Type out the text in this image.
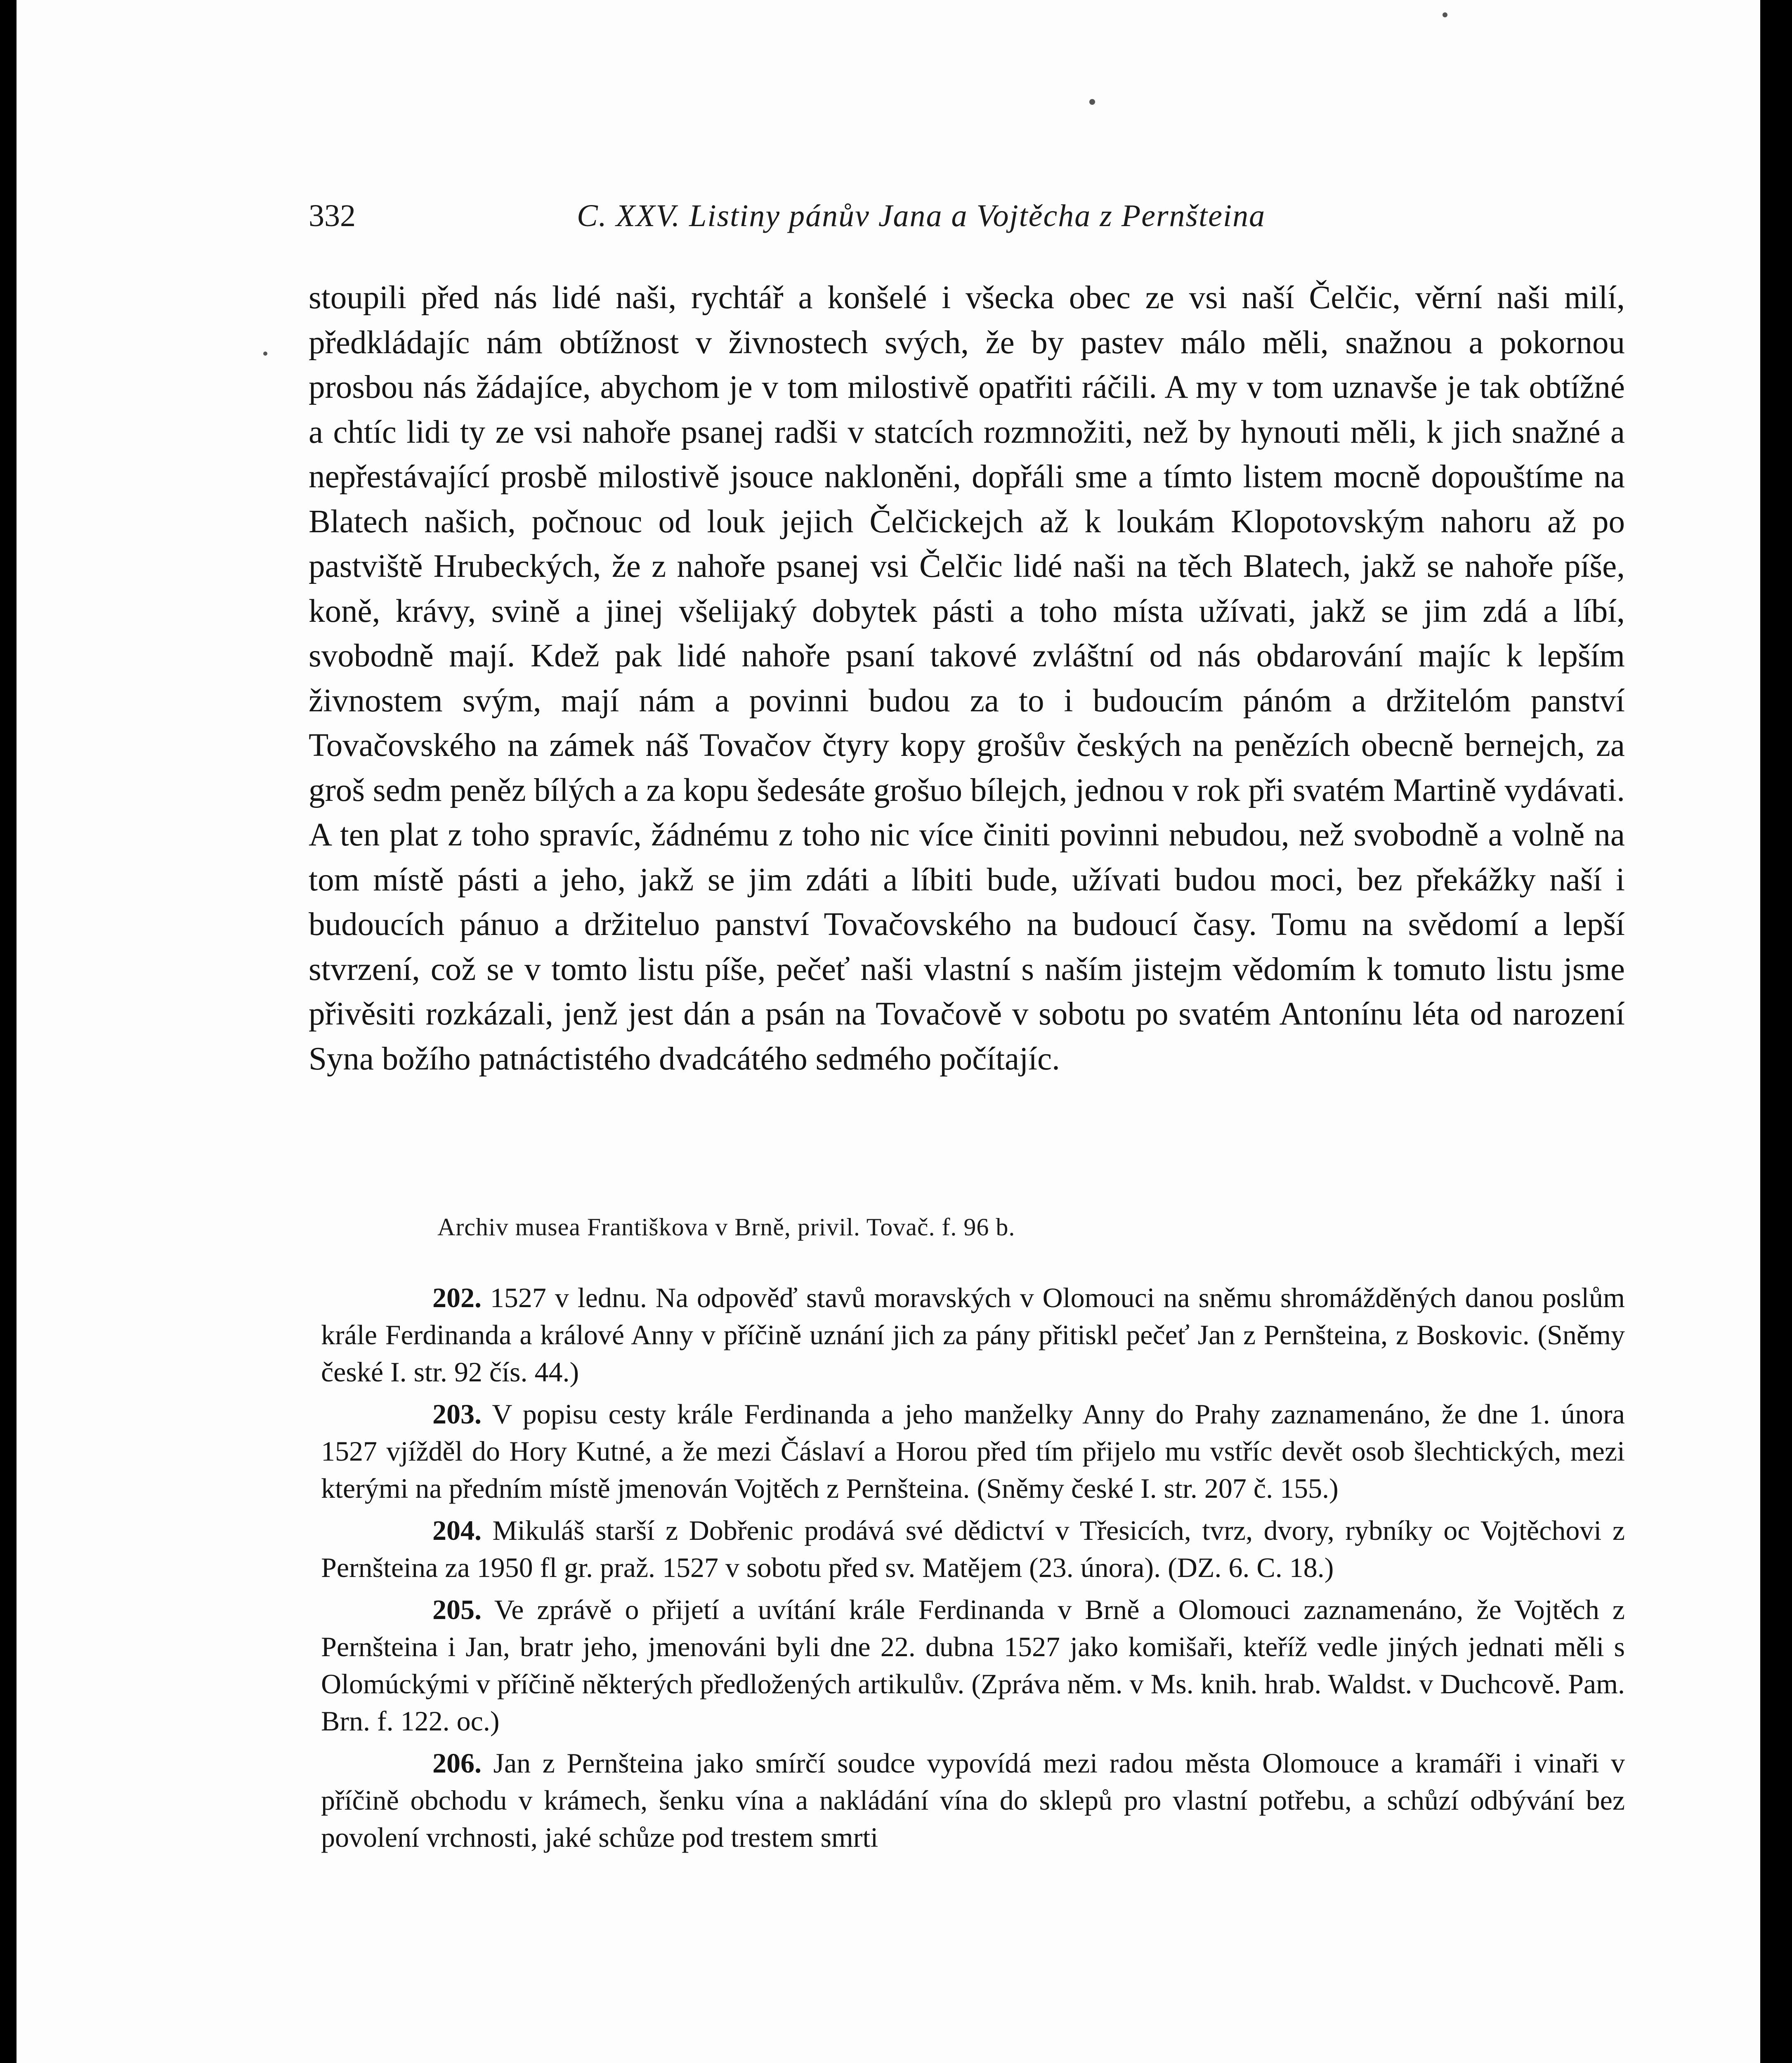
332	C. XXV. Listiny pánův Jana a Vojtěcha z Pernšteina
stoupili před nás lidé naši, rychtář a konšelé i všecka obec ze vsi naší Čelčic, věrní naši milí, předkládajíc nám obtížnost v živnostech svých, že by pastev málo měli, snažnou a pokornou prosbou nás žádajíce, abychom je v tom milostivě opatřiti ráčili. A my v tom uznavše je tak obtížné a chtíc lidi ty ze vsi nahoře psanej radši v statcích rozmnožiti, než by hynouti měli, k jich snažné a nepřestávající prosbě milostivě jsouce nakloněni, dopřáli sme a tímto listem mocně dopouštíme na Blatech našich, počnouc od louk jejich Čelčickejch až k loukám Klopotovským nahoru až po pastviště Hrubeckých, že z nahoře psanej vsi Čelčic lidé naši na těch Blatech, jakž se nahoře píše, koně, krávy, svině a jinej všelijaký dobytek pásti a toho místa užívati, jakž se jim zdá a líbí, svobodně mají. Kdež pak lidé nahoře psaní takové zvláštní od nás obdarování majíc k lepším živnostem svým, mají nám a povinni budou za to i budoucím pánóm a držitelóm panství Tovačovského na zámek náš Tovačov čtyry kopy grošův českých na penězích obecně bernejch, za groš sedm peněz bílých a za kopu šedesáte grošuo bílejch, jednou v rok při svatém Martině vydávati. A ten plat z toho spravíc, žádnému z toho nic více činiti povinni nebudou, než svobodně a volně na tom místě pásti a jeho, jakž se jim zdáti a líbiti bude, užívati budou moci, bez překážky naší i budoucích pánuo a držiteluo panství Tovačovského na budoucí časy. Tomu na svědomí a lepší stvrzení, což se v tomto listu píše, pečeť naši vlastní s naším jistejm vědomím k tomuto listu jsme přivěsiti rozkázali, jenž jest dán a psán na Tovačově v sobotu po svatém Antonínu léta od narození Syna božího patnáctistého dvadcátého sedmého počítajíc.
Archiv musea Františkova v Brně, privil. Tovač. f. 96 b.

202. 1527 v lednu. Na odpověď stavů moravských v Olomouci na sněmu shromážděných danou poslům krále Ferdinanda a králové Anny v příčině uznání jich za pány přitiskl pečeť Jan z Pernšteina, z Boskovic. (Sněmy české I. str. 92 čís. 44.)

203. V popisu cesty krále Ferdinanda a jeho manželky Anny do Prahy zaznamenáno, že dne 1. února 1527 vjížděl do Hory Kutné, a že mezi Čáslaví a Horou před tím přijelo mu vstříc devět osob šlechtických, mezi kterými na předním místě jmenován Vojtěch z Pernšteina. (Sněmy české I. str. 207 č. 155.)

204. Mikuláš starší z Dobřenic prodává své dědictví v Třesicích, tvrz, dvory, rybníky oc Vojtěchovi z Pernšteina za 1950 fl gr. praž. 1527 v sobotu před sv. Matějem (23. února). (DZ. 6. C. 18.)

205. Ve zprávě o přijetí a uvítání krále Ferdinanda v Brně a Olomouci zaznamenáno, že Vojtěch z Pernšteina i Jan, bratr jeho, jmenováni byli dne 22. dubna 1527 jako komišaři, kteříž vedle jiných jednati měli s Olomúckými v příčině některých předložených artikulův. (Zpráva něm. v Ms. knih. hrab. Waldst. v Duchcově. Pam. Brn. f. 122. oc.)

206. Jan z Pernšteina jako smírčí soudce vypovídá mezi radou města Olomouce a kramáři i vinaři v příčině obchodu v krámech, šenku vína a nakládání vína do sklepů pro vlastní potřebu, a schůzí odbývání bez povolení vrchnosti, jaké schůze pod trestem smrti
